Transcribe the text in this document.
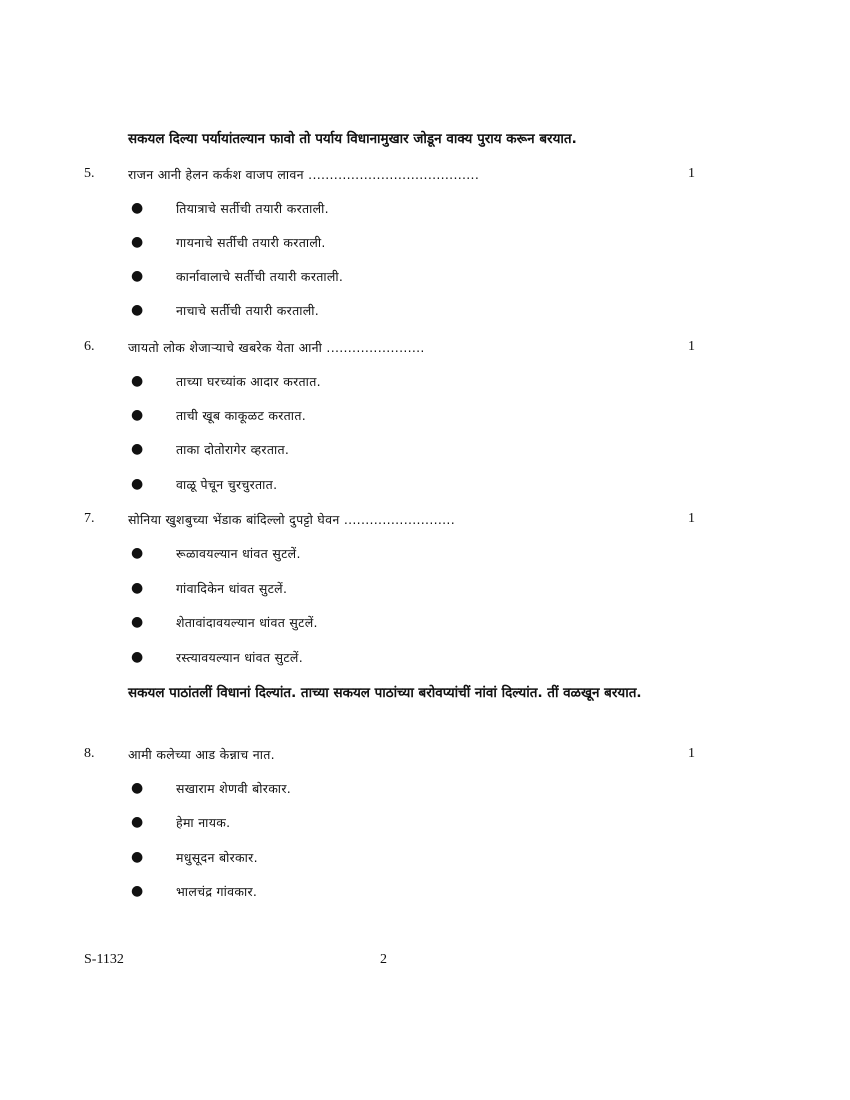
सकयल दिल्या पर्यायांतल्यान फावो तो पर्याय विधानामुखार जोडून वाक्य पुराय करून बरयात.
5.	राजन आनी हेलन कर्कश वाजप लावन ........................................	1
●	तियात्राचे सर्तीची तयारी करताली.
●	गायनाचे सर्तीची तयारी करताली.
●	कार्नावालाचे सर्तीची तयारी करताली.
●	नाचाचे सर्तीची तयारी करताली.
6.	जायतो लोक शेजाऱ्याचे खबरेक येता आनी .......................	1
●	ताच्या घरच्यांक आदार करतात.
●	ताची खूब काकूळट करतात.
●	ताका दोतोरागेर व्हरतात.
●	वाळू पेचून चुरचुरतात.
7.	सोनिया खुशबुच्या भेंडाक बांदिल्लो दुपट्टो घेवन ..........................	1
●	रूळावयल्यान धांवत सुटलें.
●	गांवादिकेन धांवत सुटलें.
●	शेतावांदावयल्यान धांवत सुटलें.
●	रस्त्यावयल्यान धांवत सुटलें.
सकयल पाठांतलीं विधानां दिल्यांत. ताच्या सकयल पाठांच्या बरोवप्यांचीं नांवां दिल्यांत. तीं वळखून बरयात.
8.	आमी कलेच्या आड केन्नाच नात.	1
●	सखाराम शेणवी बोरकार.
●	हेमा नायक.
●	मधुसूदन बोरकार.
●	भालचंद्र गांवकार.
S-1132	2
